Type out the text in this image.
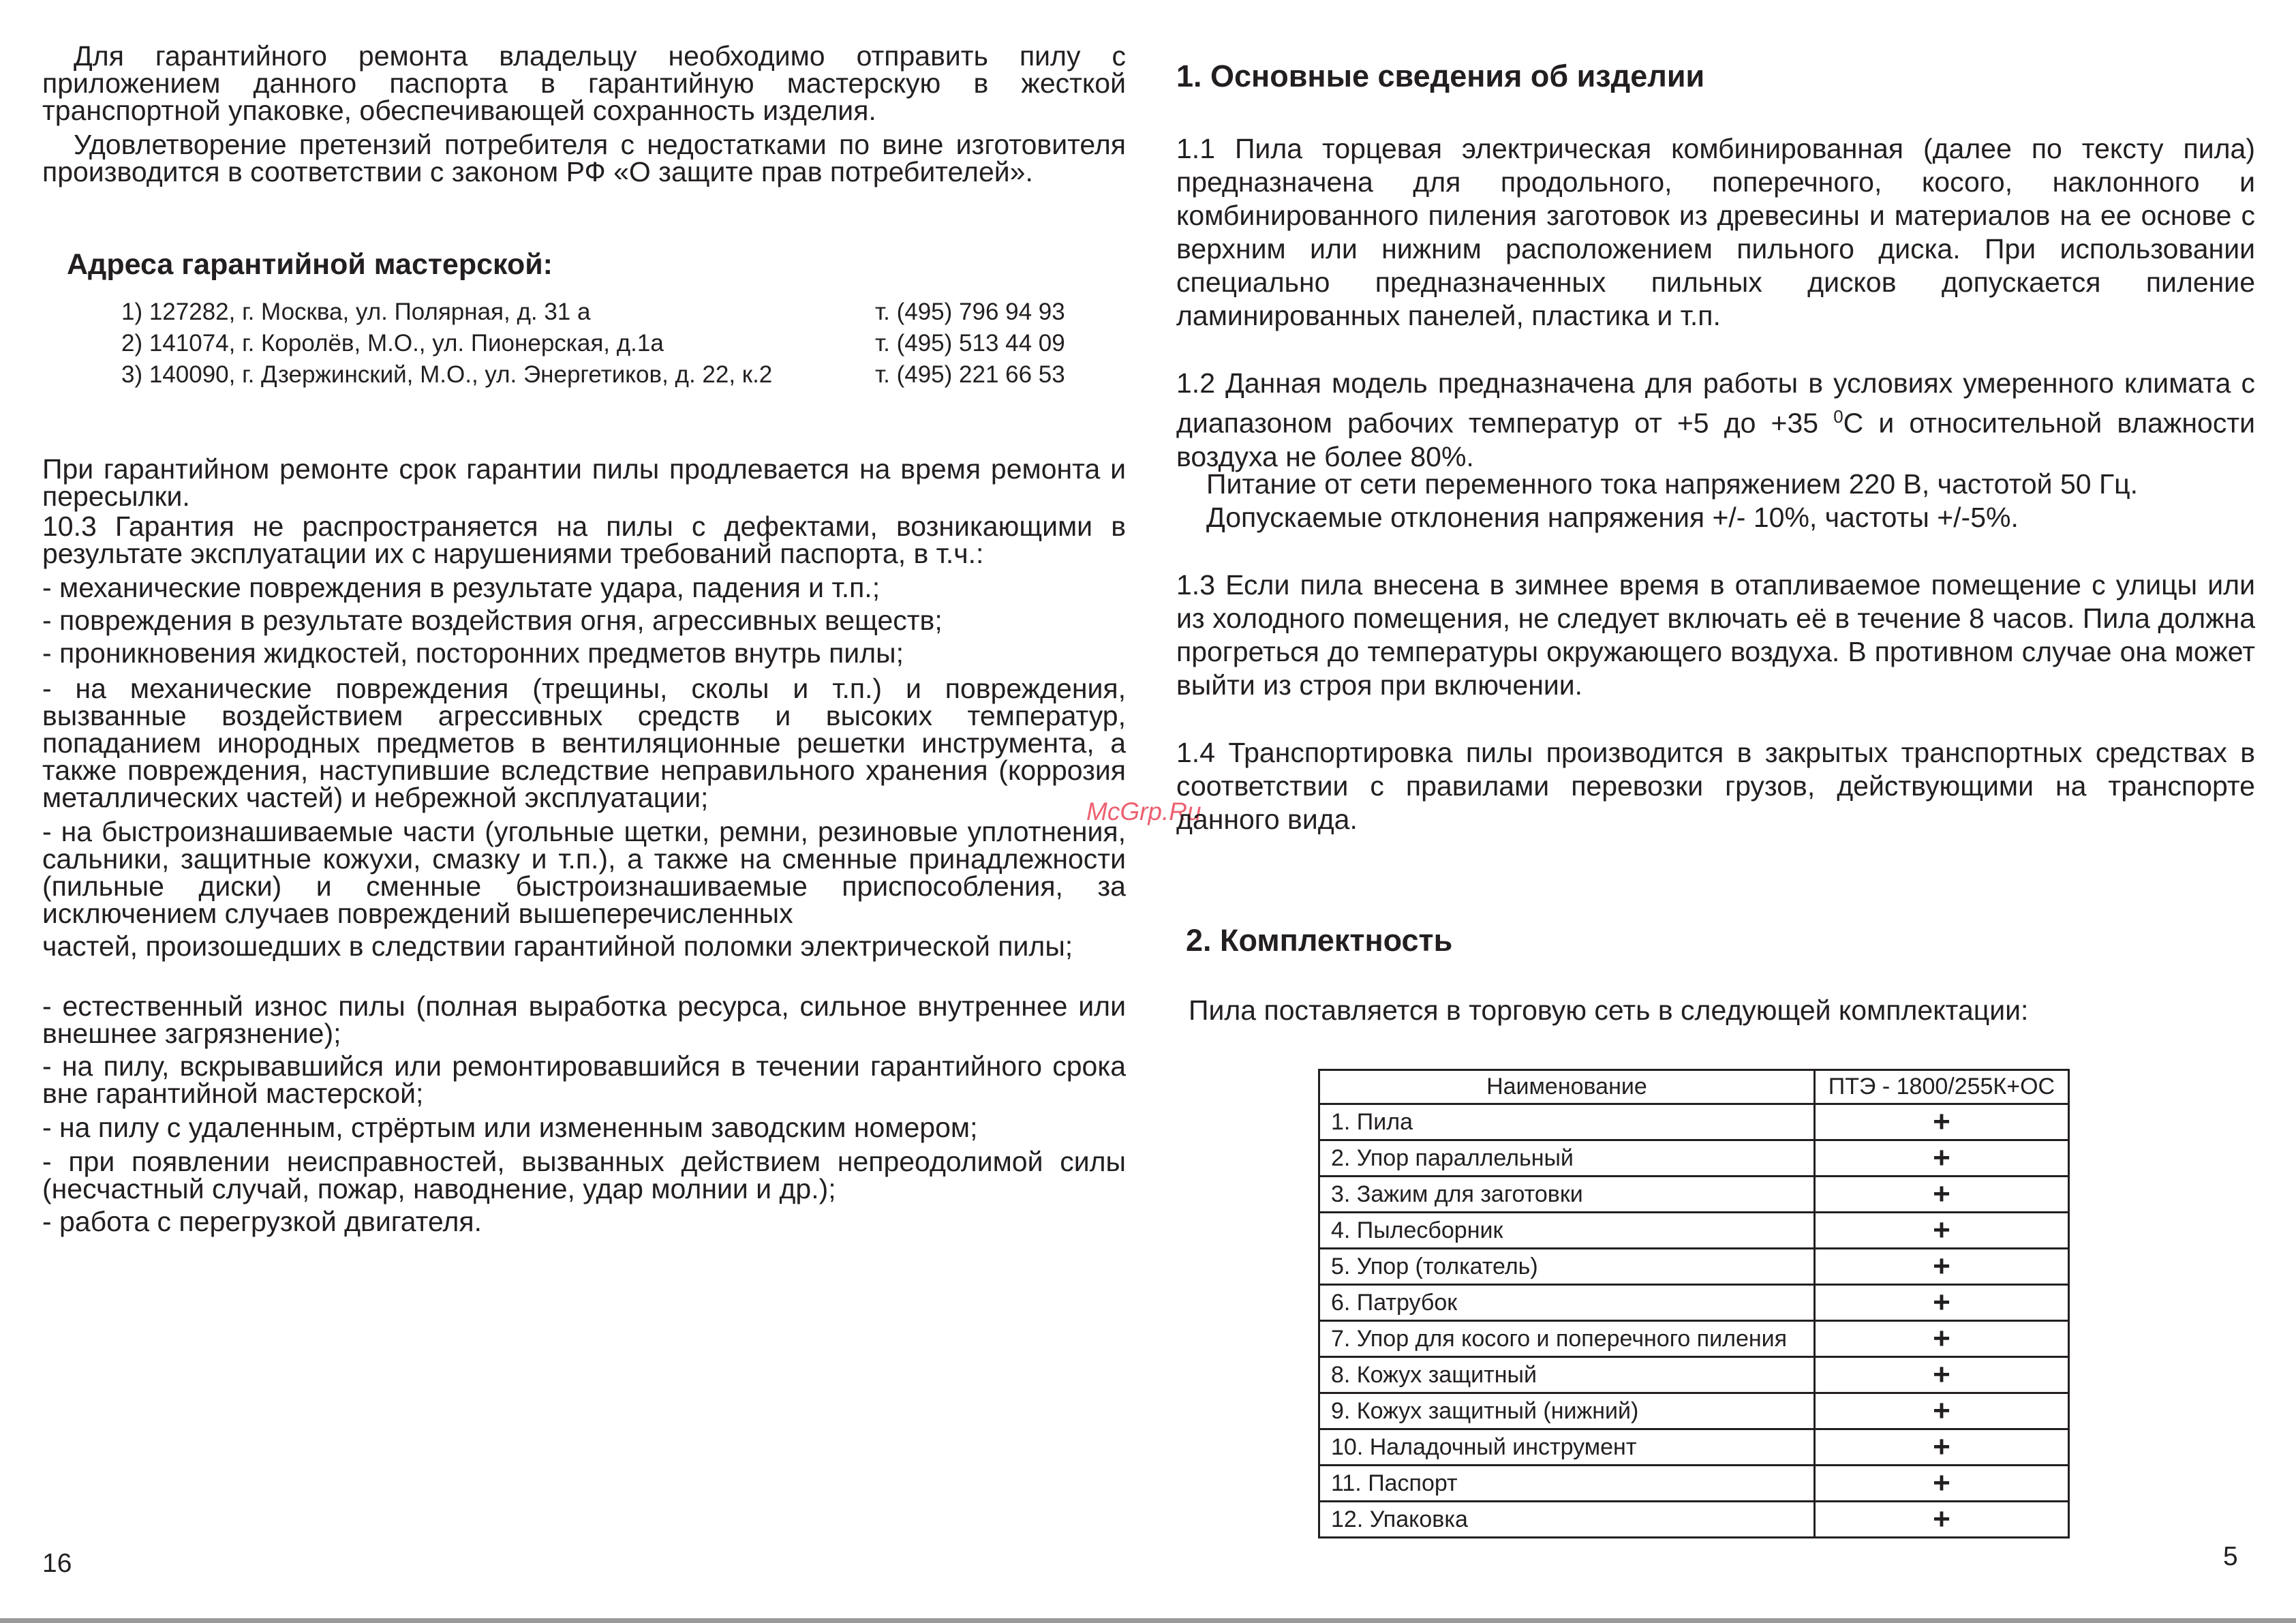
Для гарантийного ремонта владельцу необходимо отправить пилу с приложением данного паспорта в гарантийную мастерскую в жесткой транспортной упаковке, обеспечивающей сохранность изделия.

Удовлетворение претензий потребителя с недостатками по вине изготовителя производится в соответствии с законом РФ «О защите прав потребителей».

Адреса гарантийной мастерской:
1) 127282, г. Москва, ул. Полярная, д. 31 а	т. (495) 796 94 93
2) 141074, г. Королёв, М.О., ул. Пионерская, д.1а	т. (495) 513 44 09
3) 140090, г. Дзержинский, М.О., ул. Энергетиков, д. 22, к.2	т. (495) 221 66 53

При гарантийном ремонте срок гарантии пилы продлевается на время ремонта и пересылки.

10.3 Гарантия не распространяется на пилы с дефектами, возникающими в результате эксплуатации их с нарушениями требований паспорта, в т.ч.:

- механические повреждения в результате удара, падения и т.п.;

- повреждения в результате воздействия огня, агрессивных веществ;

- проникновения жидкостей, посторонних предметов внутрь пилы;

- на механические повреждения (трещины, сколы и т.п.) и повреждения, вызванные воздействием агрессивных средств и высоких температур, попаданием инородных предметов в вентиляционные решетки инструмента, а также повреждения, наступившие вследствие неправильного хранения (коррозия металлических частей) и небрежной эксплуатации;

- на быстроизнашиваемые части (угольные щетки, ремни, резиновые уплотнения, сальники, защитные кожухи, смазку и т.п.), а также на сменные принадлежности (пильные диски) и сменные быстроизнашиваемые приспособления, за исключением случаев повреждений вышеперечисленных

частей, произошедших в следствии гарантийной поломки электрической пилы;

- естественный износ пилы (полная выработка ресурса, сильное внутреннее или внешнее загрязнение);

- на пилу, вскрывавшийся или ремонтировавшийся в течении гарантийного срока вне гарантийной мастерской;

- на пилу с удаленным, стрёртым или измененным заводским номером;

- при появлении неисправностей, вызванных действием непреодолимой силы (несчастный случай, пожар, наводнение, удар молнии и др.);

- работа с перегрузкой двигателя.

16
McGrp.Ru
1. Основные сведения об изделии

1.1 Пила торцевая электрическая комбинированная (далее по тексту пила) предназначена для продольного, поперечного, косого, наклонного и комбинированного пиления заготовок из древесины и материалов на ее основе с верхним или нижним расположением пильного диска. При использовании специально предназначенных пильных дисков допускается пиление ламинированных панелей, пластика и т.п.

1.2 Данная модель предназначена для работы в условиях умеренного климата с диапазоном рабочих температур от +5 до +35 $^0$С и относительной влажности воздуха не более 80%.

Питание от сети переменного тока напряжением 220 В, частотой 50 Гц.

Допускаемые отклонения напряжения +/- 10%, частоты +/-5%.

1.3 Если пила внесена в зимнее время в отапливаемое помещение с улицы или из холодного помещения, не следует включать её в течение 8 часов. Пила должна прогреться до температуры окружающего воздуха. В противном случае она может выйти из строя при включении.

1.4 Транспортировка пилы производится в закрытых транспортных средствах в соответствии с правилами перевозки грузов, действующими на транспорте данного вида.

2. Комплектность

Пила поставляется в торговую сеть в следующей комплектации:

Наименование	ПТЭ - 1800/255К+ОС
1. Пила	+
2. Упор параллельный	+
3. Зажим для заготовки	+
4. Пылесборник	+
5. Упор (толкатель)	+
6. Патрубок	+
7. Упор для косого и поперечного пиления	+
8. Кожух защитный	+
9. Кожух защитный (нижний)	+
10. Наладочный инструмент	+
11. Паспорт	+
12. Упаковка	+
5
